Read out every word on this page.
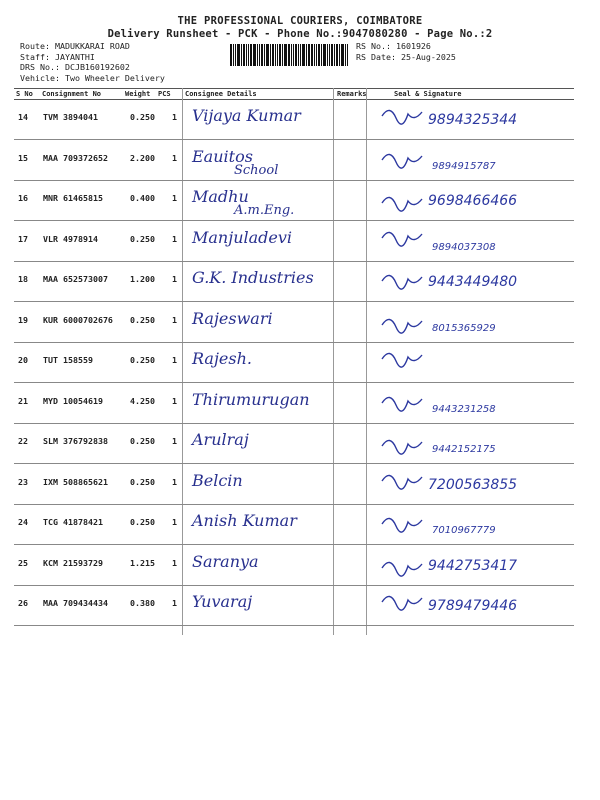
THE PROFESSIONAL COURIERS, COIMBATORE
Delivery Runsheet - PCK - Phone No.:9047080280 - Page No.:2
Route: MADUKKARAI ROAD
Staff: JAYANTHI
DRS No.: DCJB160192602
Vehicle: Two Wheeler Delivery
RS No.: 1601926
RS Date: 25-Aug-2025
S No Consignment No	Weight PCS Consignee Details	Remarks	Seal & Signature
14 TVM 3894041	0.250 1 Vijaya Kumar	9894325344
15 MAA 709372652	2.200 1 Eauitos
School	9894915787
16 MNR 61465815	0.400 1 Madhu
A.m.Eng.
9698466466
17 VLR 4978914	0.250 1 Manjuladevi
9894037308
18 MAA 652573007	1.200 1 G.K. Industries	9443449480
19 KUR 6000702676 0.250 1 Rajeswari
8015365929
20 TUT 158559	0.250 1 Rajesh.
21 MYD 10054619	4.250 1 Thirumurugan
9443231258
22 SLM 376792838	0.250 1 Arulraj
9442152175
23 IXM 508865621	0.250 1 Belcin	7200563855
24 TCG 41878421	0.250 1 Anish Kumar
7010967779
25 KCM 21593729	1.215 1 Saranya	9442753417
26 MAA 709434434	0.380 1 Yuvaraj	9789479446
